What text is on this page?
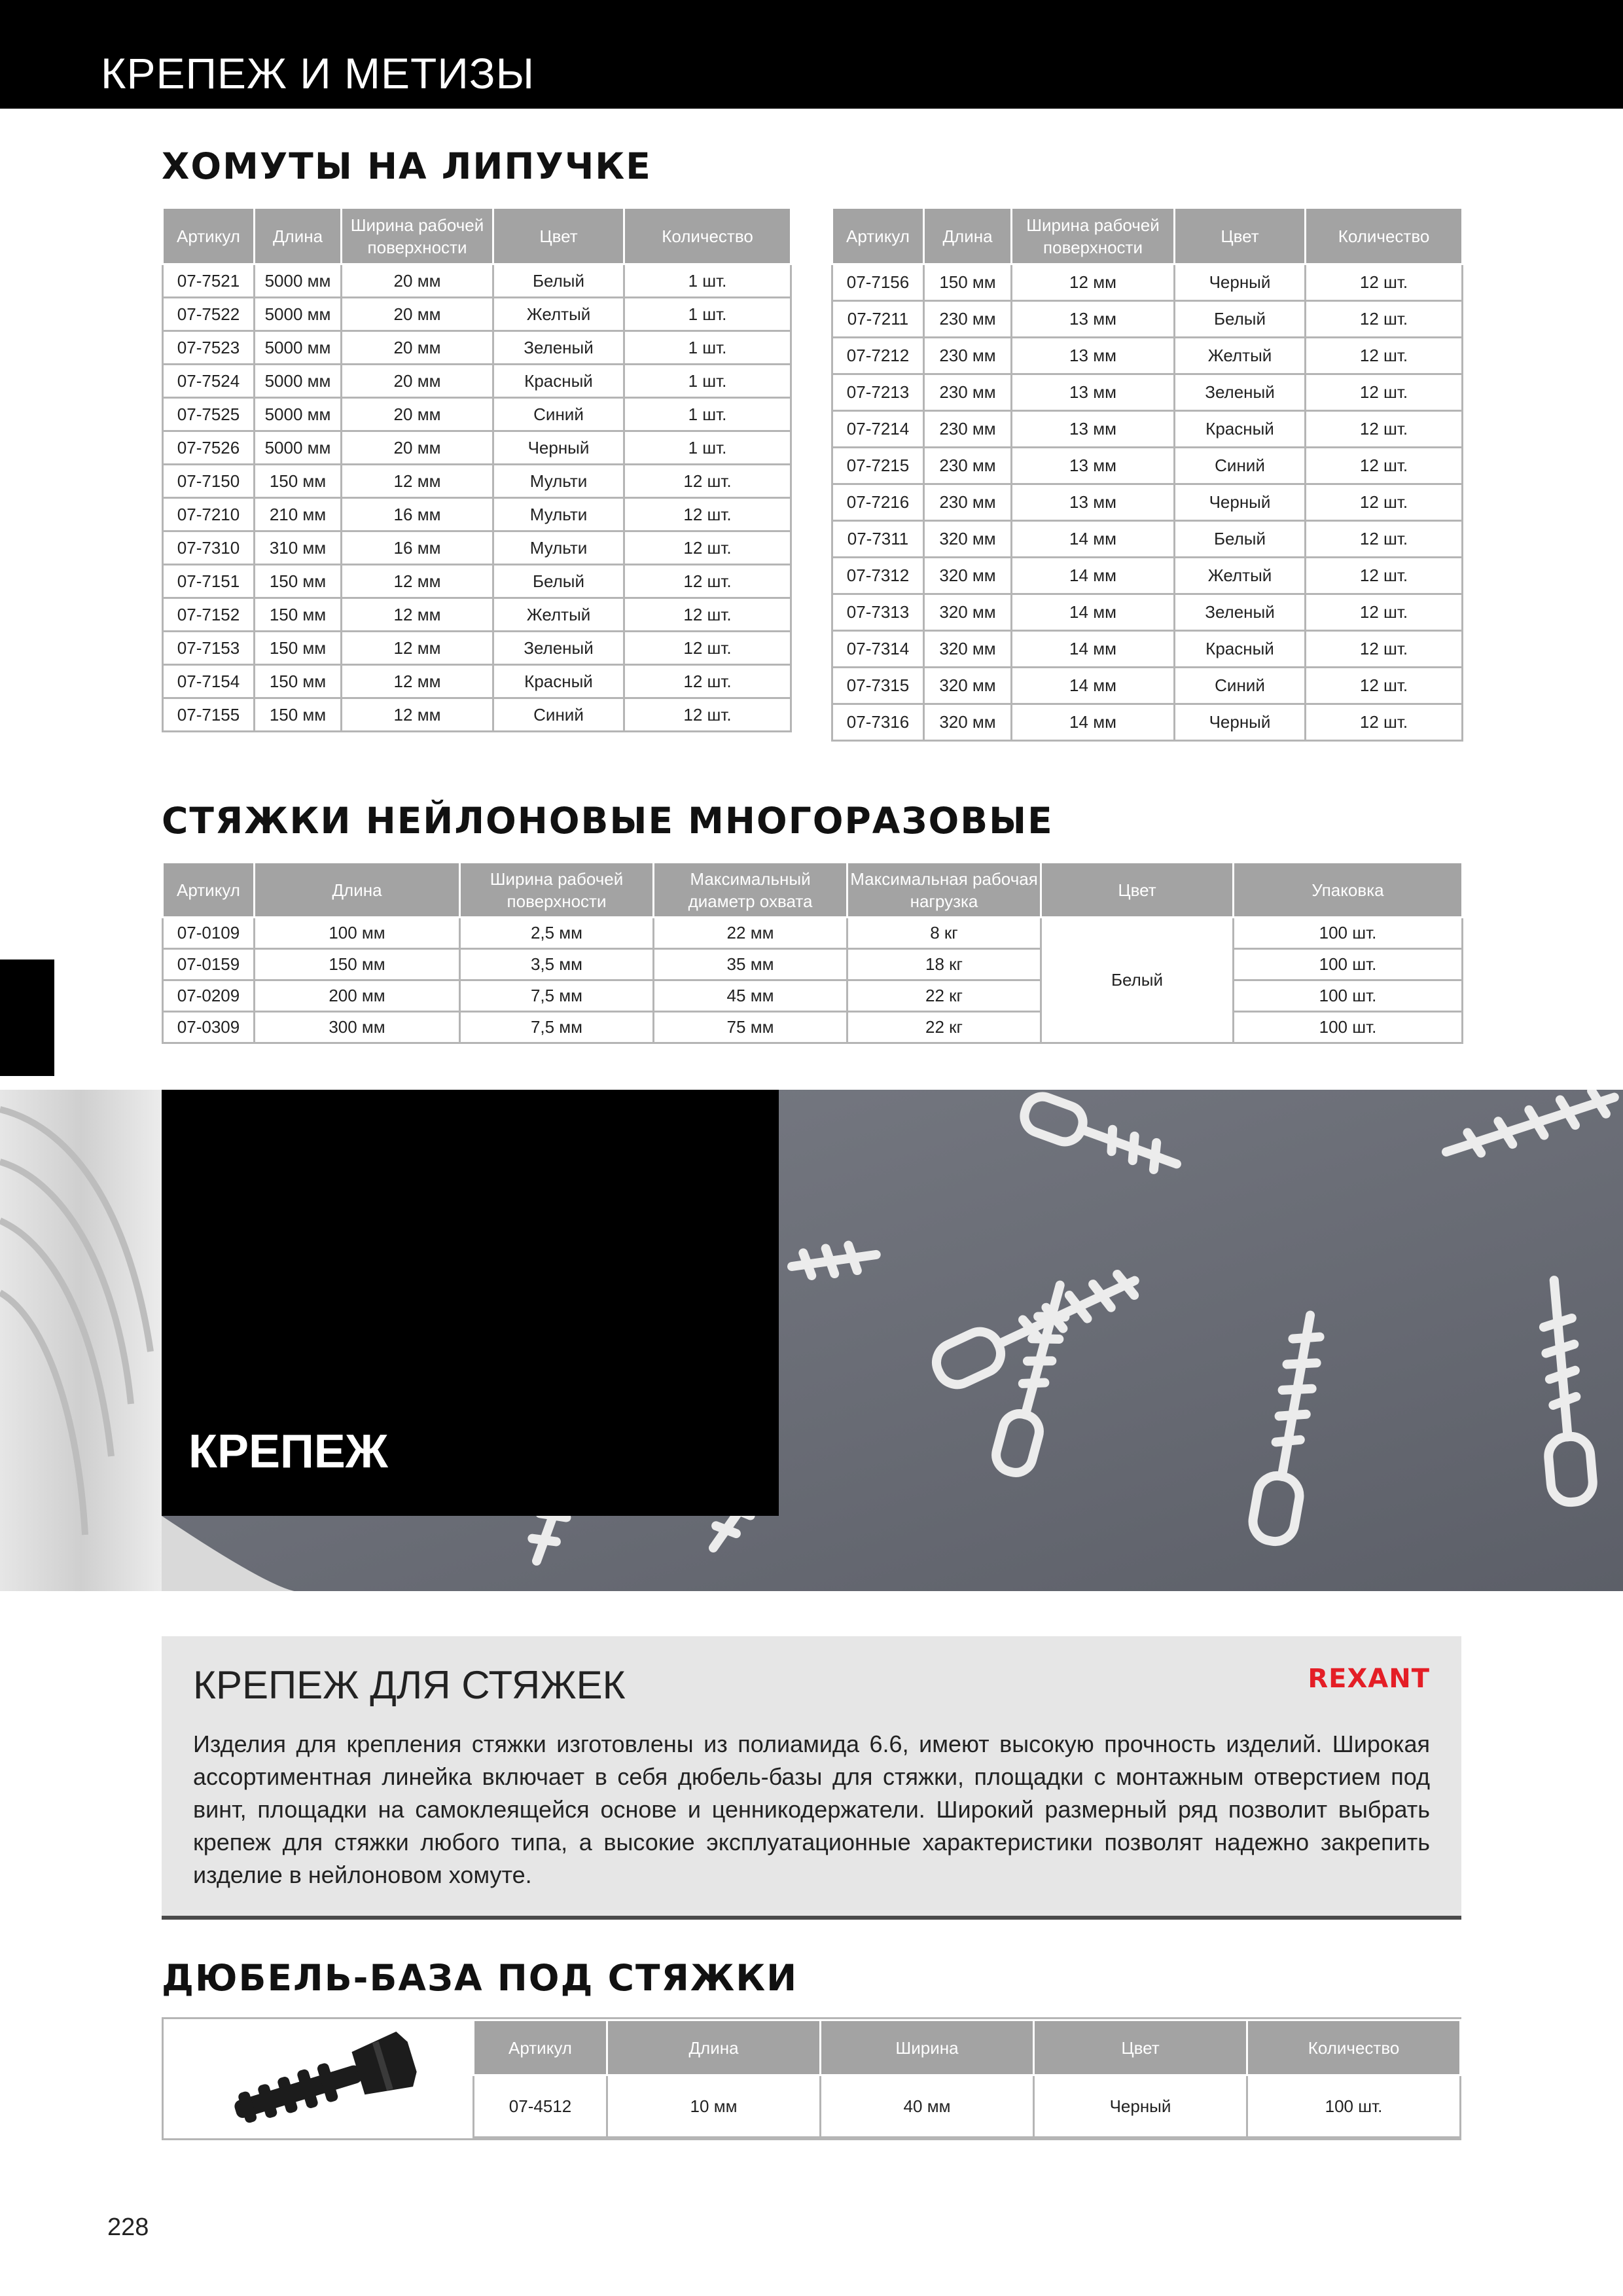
КРЕПЕЖ И МЕТИЗЫ
ХОМУТЫ НА ЛИПУЧКЕ
Артикул	Длина	Ширина рабочей поверхности	Цвет	Количество
07-7521	5000 мм	20 мм	Белый	1 шт.
07-7522	5000 мм	20 мм	Желтый	1 шт.
07-7523	5000 мм	20 мм	Зеленый	1 шт.
07-7524	5000 мм	20 мм	Красный	1 шт.
07-7525	5000 мм	20 мм	Синий	1 шт.
07-7526	5000 мм	20 мм	Черный	1 шт.
07-7150	150 мм	12 мм	Мульти	12 шт.
07-7210	210 мм	16 мм	Мульти	12 шт.
07-7310	310 мм	16 мм	Мульти	12 шт.
07-7151	150 мм	12 мм	Белый	12 шт.
07-7152	150 мм	12 мм	Желтый	12 шт.
07-7153	150 мм	12 мм	Зеленый	12 шт.
07-7154	150 мм	12 мм	Красный	12 шт.
07-7155	150 мм	12 мм	Синий	12 шт.
Артикул	Длина	Ширина рабочей поверхности	Цвет	Количество
07-7156	150 мм	12 мм	Черный	12 шт.
07-7211	230 мм	13 мм	Белый	12 шт.
07-7212	230 мм	13 мм	Желтый	12 шт.
07-7213	230 мм	13 мм	Зеленый	12 шт.
07-7214	230 мм	13 мм	Красный	12 шт.
07-7215	230 мм	13 мм	Синий	12 шт.
07-7216	230 мм	13 мм	Черный	12 шт.
07-7311	320 мм	14 мм	Белый	12 шт.
07-7312	320 мм	14 мм	Желтый	12 шт.
07-7313	320 мм	14 мм	Зеленый	12 шт.
07-7314	320 мм	14 мм	Красный	12 шт.
07-7315	320 мм	14 мм	Синий	12 шт.
07-7316	320 мм	14 мм	Черный	12 шт.
СТЯЖКИ НЕЙЛОНОВЫЕ МНОГОРАЗОВЫЕ
Артикул	Длина	Ширина рабочей поверхности	Максимальный диаметр охвата	Максимальная рабочая нагрузка	Цвет	Упаковка
07-0109	100 мм	2,5 мм	22 мм	8 кг	Белый	100 шт.
07-0159	150 мм	3,5 мм	35 мм	18 кг		100 шт.
07-0209	200 мм	7,5 мм	45 мм	22 кг		100 шт.
07-0309	300 мм	7,5 мм	75 мм	22 кг		100 шт.
КРЕПЕЖ
КРЕПЕЖ ДЛЯ СТЯЖЕК	REXANT
Изделия для крепления стяжки изготовлены из полиамида 6.6, имеют высокую прочность изделий. Широкая ассортиментная линейка включает в себя дюбель-базы для стяжки, площадки с монтажным отверстием под винт, площадки на самоклеящейся основе и ценникодержатели. Широкий размерный ряд позволит выбрать крепеж для стяжки любого типа, а высокие эксплуатационные характеристики позволят надежно закрепить изделие в нейлоновом хомуте.
ДЮБЕЛЬ-БАЗА ПОД СТЯЖКИ
Артикул	Длина	Ширина	Цвет	Количество
07-4512	10 мм	40 мм	Черный	100 шт.
228
